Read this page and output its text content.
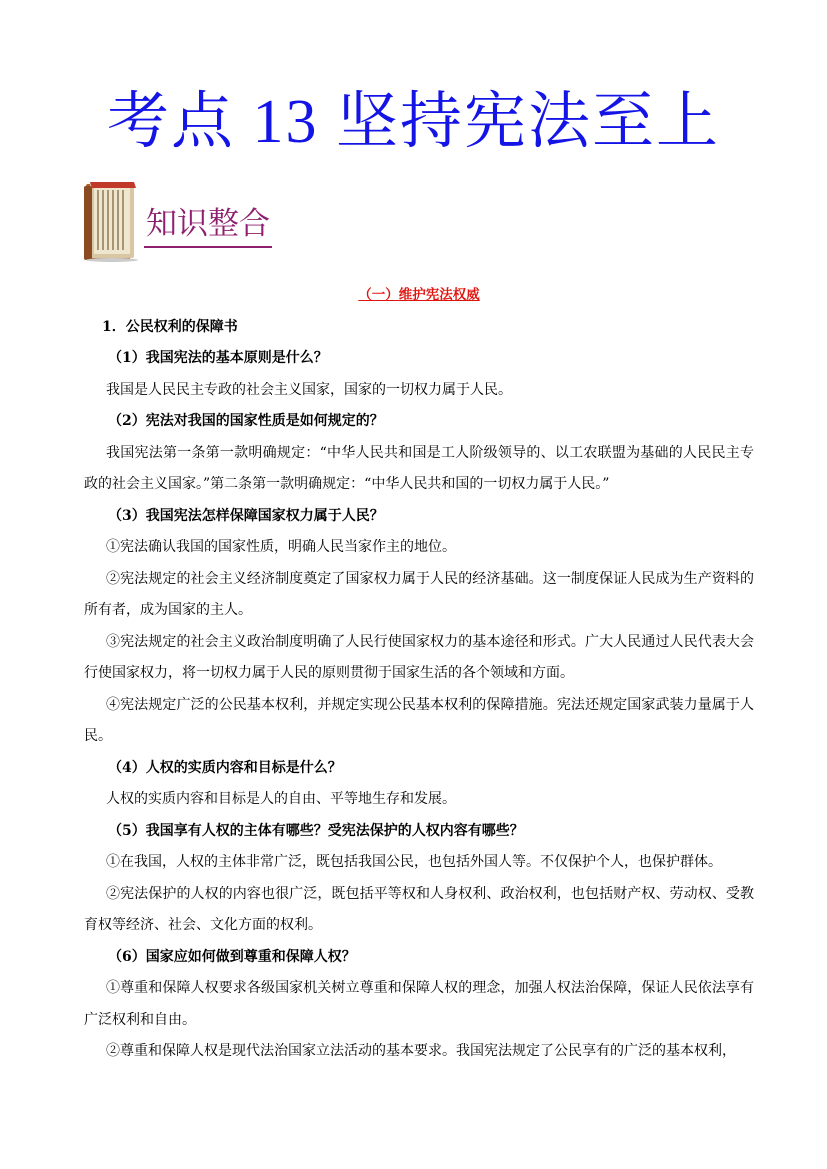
考点 13 坚持宪法至上
知识整合
（一）维护宪法权威
1．公民权利的保障书
（1）我国宪法的基本原则是什么？
我国是人民民主专政的社会主义国家，国家的一切权力属于人民。
（2）宪法对我国的国家性质是如何规定的？
我国宪法第一条第一款明确规定：“中华人民共和国是工人阶级领导的、以工农联盟为基础的人民民主专政的社会主义国家。”第二条第一款明确规定：“中华人民共和国的一切权力属于人民。”
（3）我国宪法怎样保障国家权力属于人民？
①宪法确认我国的国家性质，明确人民当家作主的地位。
②宪法规定的社会主义经济制度奠定了国家权力属于人民的经济基础。这一制度保证人民成为生产资料的所有者，成为国家的主人。
③宪法规定的社会主义政治制度明确了人民行使国家权力的基本途径和形式。广大人民通过人民代表大会行使国家权力，将一切权力属于人民的原则贯彻于国家生活的各个领域和方面。
④宪法规定广泛的公民基本权利，并规定实现公民基本权利的保障措施。宪法还规定国家武装力量属于人民。
（4）人权的实质内容和目标是什么？
人权的实质内容和目标是人的自由、平等地生存和发展。
（5）我国享有人权的主体有哪些？受宪法保护的人权内容有哪些？
①在我国，人权的主体非常广泛，既包括我国公民，也包括外国人等。不仅保护个人，也保护群体。
②宪法保护的人权的内容也很广泛，既包括平等权和人身权利、政治权利，也包括财产权、劳动权、受教育权等经济、社会、文化方面的权利。
（6）国家应如何做到尊重和保障人权？
①尊重和保障人权要求各级国家机关树立尊重和保障人权的理念，加强人权法治保障，保证人民依法享有广泛权利和自由。
②尊重和保障人权是现代法治国家立法活动的基本要求。我国宪法规定了公民享有的广泛的基本权利，
